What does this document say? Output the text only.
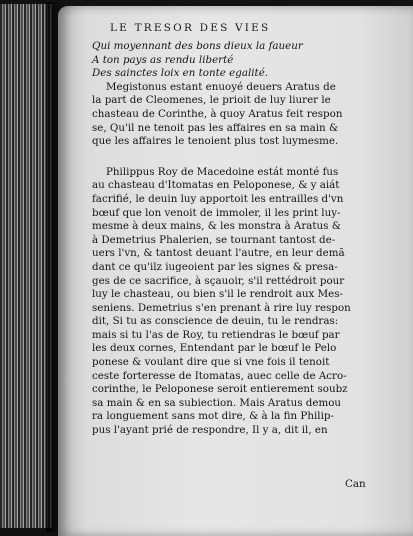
LE TRESOR DES VIES
Qui moyennant des bons dieux la faueur
A ton pays as rendu liberté
Des sainctes loix en tonte egalité.
Megistonus estant enuoyé deuers Aratus de
la part de Cleomenes, le prioit de luy liurer le
chasteau de Corinthe, à quoy Aratus feit respon
se, Qu'il ne tenoit pas les affaires en sa main &
que les affaires le tenoient plus tost luymesme.
Philippus Roy de Macedoine estát monté fus
au chasteau d'Itomatas en Peloponese, & y aiát
facrifié, le deuin luy apportoit les entrailles d'vn
bœuf que lon venoit de immoler, il les print luy-
mesme à deux mains, & les monstra à Aratus &
à Demetrius Phalerien, se tournant tantost de-
uers l'vn, & tantost deuant l'autre, en leur demã
dant ce qu'ilz iugeoient par les signes & presa-
ges de ce sacrifice, à sçauoir, s'il rettédroit pour
luy le chasteau, ou bien s'il le rendroit aux Mes-
seniens. Demetrius s'en prenant à rire luy respon
dit, Si tu as conscience de deuin, tu le rendras:
mais si tu l'as de Roy, tu retiendras le bœuf par
les deux cornes, Entendant par le bœuf le Pelo
ponese & voulant dire que si vne fois il tenoit
ceste forteresse de Itomatas, auec celle de Acro-
corinthe, le Peloponese seroit entierement soubz
sa main & en sa subiection. Mais Aratus demou
ra longuement sans mot dire, & à la fin Philip-
pus l'ayant prié de respondre, Il y a, dit il, en
Can
